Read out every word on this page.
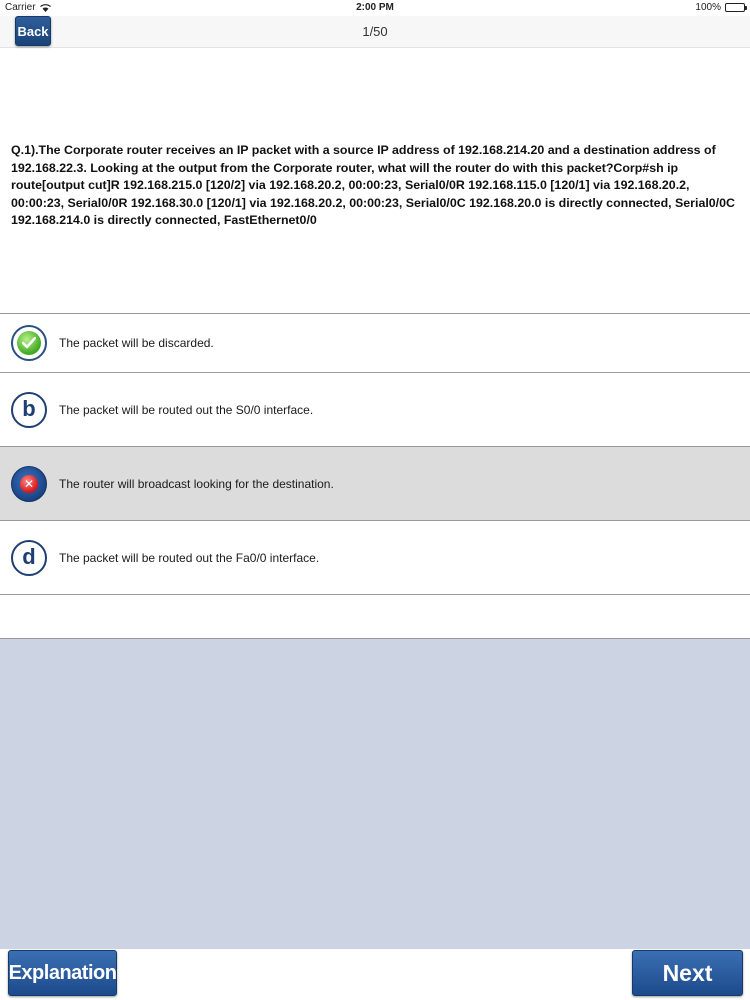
Carrier	2:00 PM	100%
Back	1/50
Q.1).The Corporate router receives an IP packet with a source IP address of 192.168.214.20 and a destination address of 192.168.22.3. Looking at the output from the Corporate router, what will the router do with this packet?Corp#sh ip route[output cut]R 192.168.215.0 [120/2] via 192.168.20.2, 00:00:23, Serial0/0R 192.168.115.0 [120/1] via 192.168.20.2, 00:00:23, Serial0/0R 192.168.30.0 [120/1] via 192.168.20.2, 00:00:23, Serial0/0C 192.168.20.0 is directly connected, Serial0/0C 192.168.214.0 is directly connected, FastEthernet0/0
The packet will be discarded.
b The packet will be routed out the S0/0 interface.
✕	The router will broadcast looking for the destination.
d The packet will be routed out the Fa0/0 interface.
Explanation	Next
